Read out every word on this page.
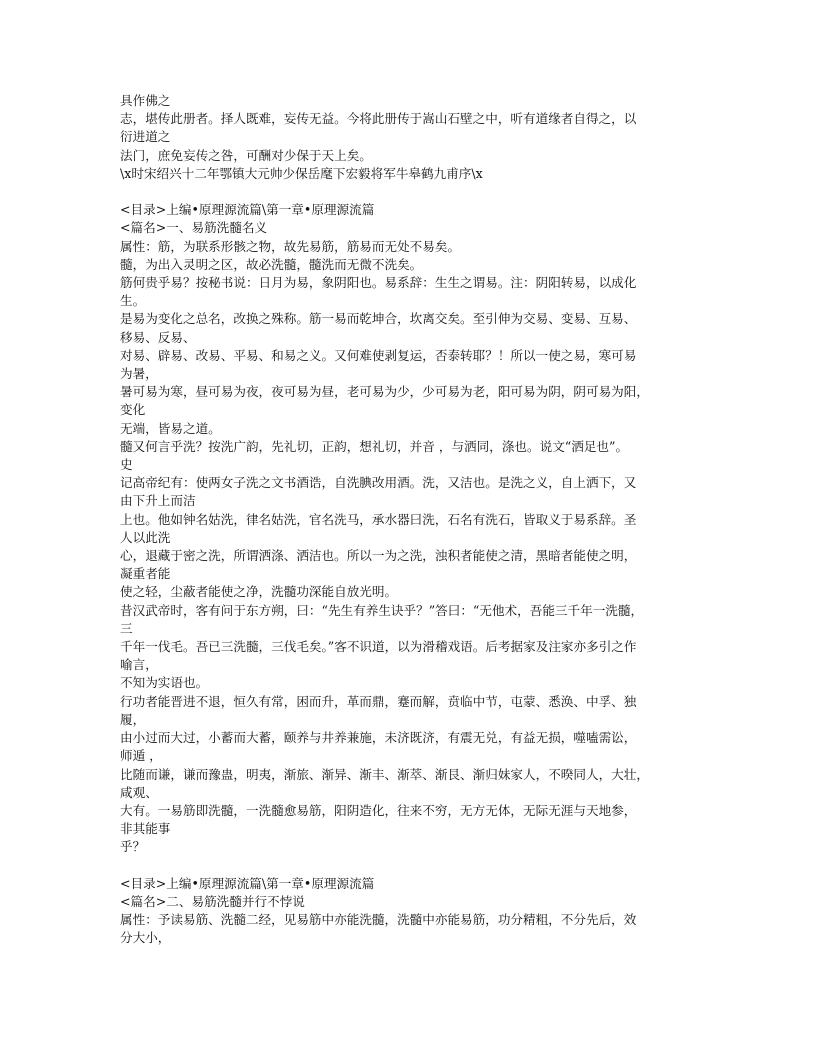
具作佛之
志，堪传此册者。择人既难，妄传无益。今将此册传于嵩山石壁之中，听有道缘者自得之，以
衍进道之
法门，庶免妄传之咎，可酬对少保于天上矣。
\x时宋绍兴十二年鄂镇大元帅少保岳麾下宏毅将军牛皋鹤九甫序\x
<目录>上编•原理源流篇\第一章•原理源流篇
<篇名>一、易筋洗髓名义
属性：筋，为联系形骸之物，故先易筋，筋易而无处不易矣。
髓，为出入灵明之区，故必洗髓，髓洗而无微不洗矣。
筋何贵乎易？按秘书说：日月为易，象阴阳也。易系辞：生生之谓易。注：阴阳转易，以成化
生。
是易为变化之总名，改换之殊称。筋一易而乾坤合，坎离交矣。至引伸为交易、变易、互易、
移易、反易、
对易、辟易、改易、平易、和易之义。又何难使剥复运，否泰转耶？！所以一使之易，寒可易
为暑，
暑可易为寒，昼可易为夜，夜可易为昼，老可易为少，少可易为老，阳可易为阴，阴可易为阳，
变化
无端，皆易之道。
髓又何言乎洗？按洗广韵，先礼切，正韵，想礼切，并音 ，与洒同，涤也。说文“洒足也”。
史
记高帝纪有：使两女子洗之文书酒诰，自洗腆改用酒。洗，又洁也。是洗之义，自上洒下，又
由下升上而洁
上也。他如钟名姑洗，律名姑洗，官名洗马，承水器曰洗，石名有洗石，皆取义于易系辞。圣
人以此洗
心，退藏于密之洗，所谓洒涤、洒洁也。所以一为之洗，浊积者能使之清，黑暗者能使之明，
凝重者能
使之轻，尘蔽者能使之净，洗髓功深能自放光明。
昔汉武帝时，客有问于东方朔，曰：“先生有养生诀乎？”答曰：“无他术，吾能三千年一洗髓，
三
千年一伐毛。吾已三洗髓，三伐毛矣。”客不识道，以为滑稽戏语。后考据家及注家亦多引之作
喻言，
不知为实语也。
行功者能晋进不退，恒久有常，困而升，革而鼎，蹇而解，贲临中节，屯蒙、悉涣、中孚、独
履，
由小过而大过，小蓄而大蓄，颐养与井养兼施，未济既济，有震无兑，有益无损，噬嗑需讼，
师遁 ，
比随而谦，谦而豫蛊，明夷，渐旅、渐异、渐丰、渐萃、渐艮、渐归妹家人，不暌同人，大壮，
咸观、
大有。一易筋即洗髓，一洗髓愈易筋，阳阴造化，往来不穷，无方无体，无际无涯与天地参，
非其能事
乎？
<目录>上编•原理源流篇\第一章•原理源流篇
<篇名>二、易筋洗髓并行不悖说
属性：予读易筋、洗髓二经，见易筋中亦能洗髓，洗髓中亦能易筋，功分精粗，不分先后，效
分大小，
